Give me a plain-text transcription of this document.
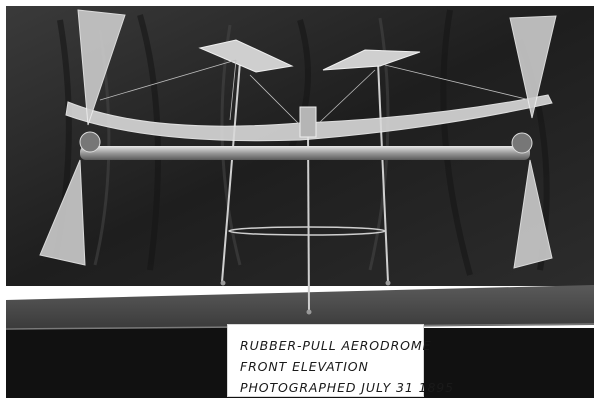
RUBBER-PULL AERODROME
FRONT ELEVATION
PHOTOGRAPHED JULY 31 1895
